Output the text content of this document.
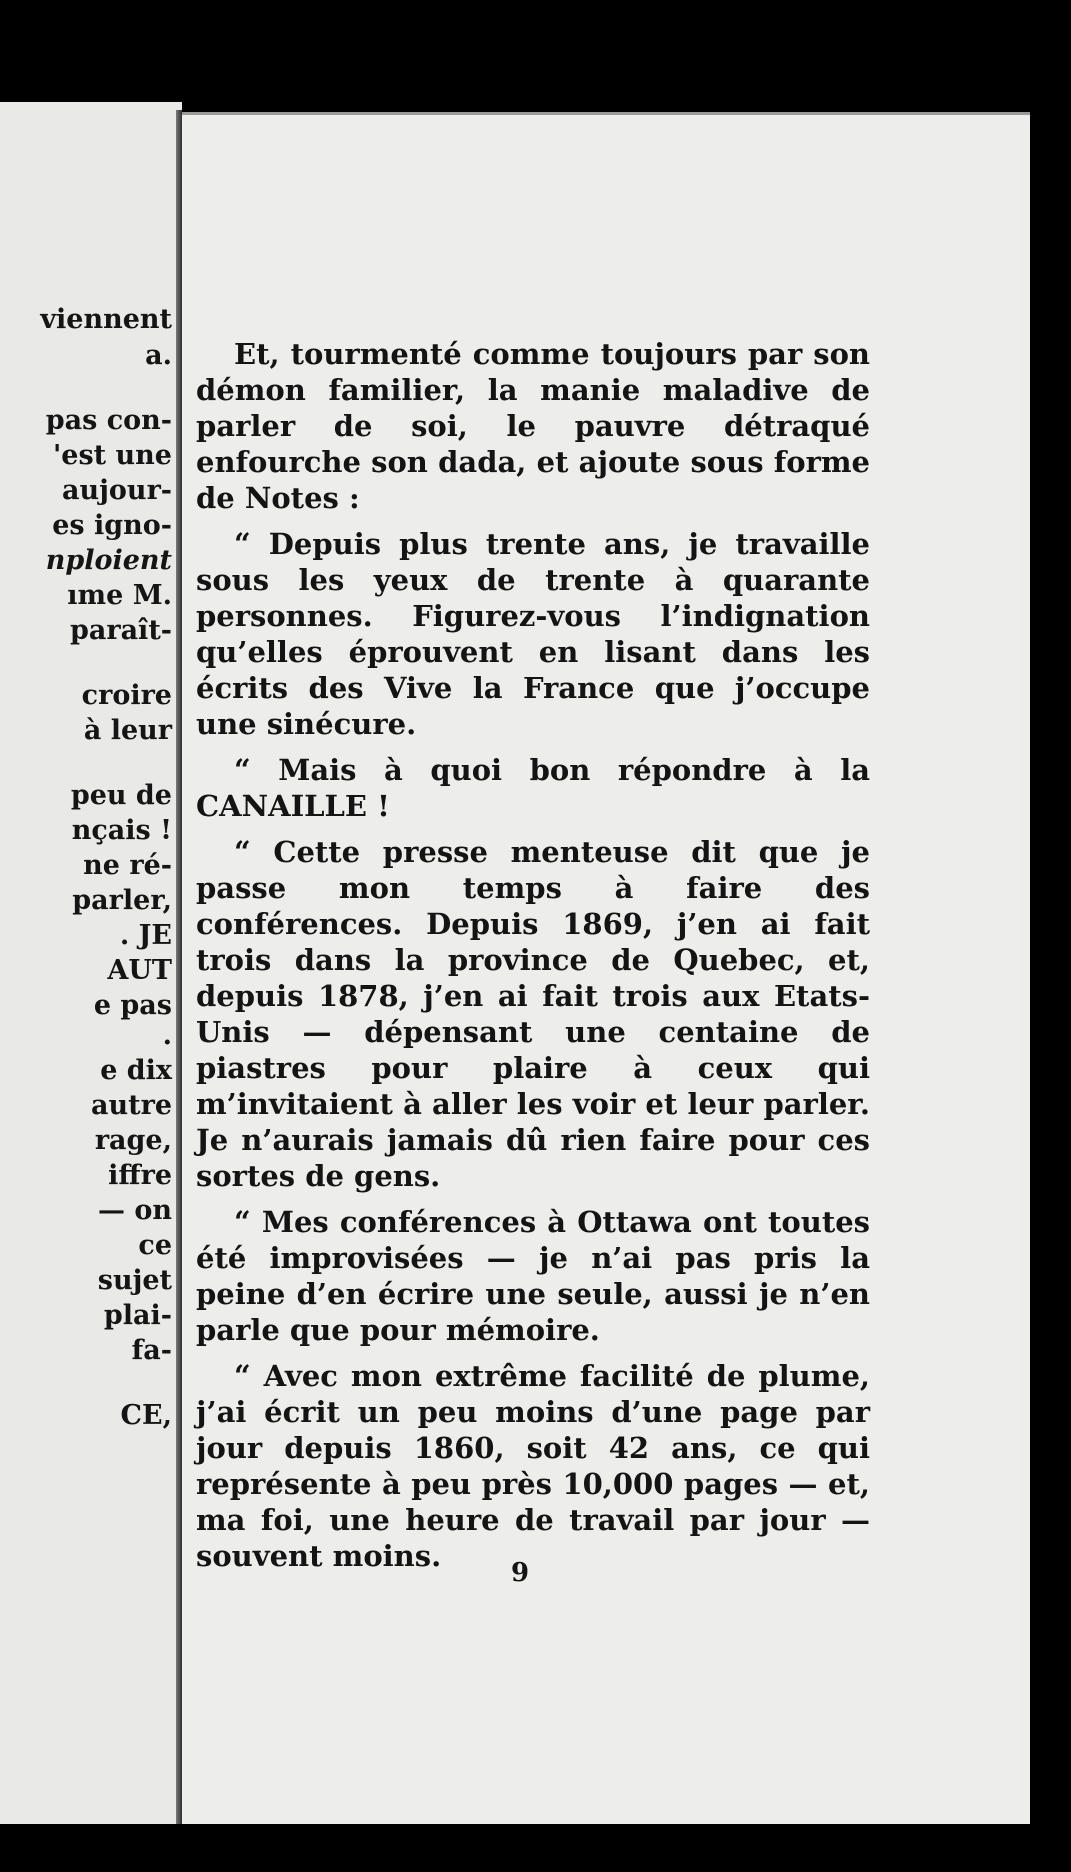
viennent
a.
pas con-
'est une
aujour-
es igno-
nploient
ıme M.
paraît-
croire
à leur
peu de
nçais !
ne ré-
parler,
. JE
AUT
e pas
.
e dix
autre
rage,
iffre
— on
ce
sujet
plai-
fa-
CE,

Et, tourmenté comme toujours par son démon familier, la manie maladive de parler de soi, le pauvre détraqué enfourche son dada, et ajoute sous forme de Notes :

“ Depuis plus trente ans, je travaille sous les yeux de trente à quarante personnes. Figurez-vous l’indignation qu’elles éprouvent en lisant dans les écrits des Vive la France que j’occupe une sinécure.

“ Mais à quoi bon répondre à la CANAILLE !

“ Cette presse menteuse dit que je passe mon temps à faire des conférences. Depuis 1869, j’en ai fait trois dans la province de Quebec, et, depuis 1878, j’en ai fait trois aux Etats-Unis — dépensant une centaine de piastres pour plaire à ceux qui m’invitaient à aller les voir et leur parler. Je n’aurais jamais dû rien faire pour ces sortes de gens.

“ Mes conférences à Ottawa ont toutes été improvisées — je n’ai pas pris la peine d’en écrire une seule, aussi je n’en parle que pour mémoire.

“ Avec mon extrême facilité de plume, j’ai écrit un peu moins d’une page par jour depuis 1860, soit 42 ans, ce qui représente à peu près 10,000 pages — et, ma foi, une heure de travail par jour — souvent moins.	9
